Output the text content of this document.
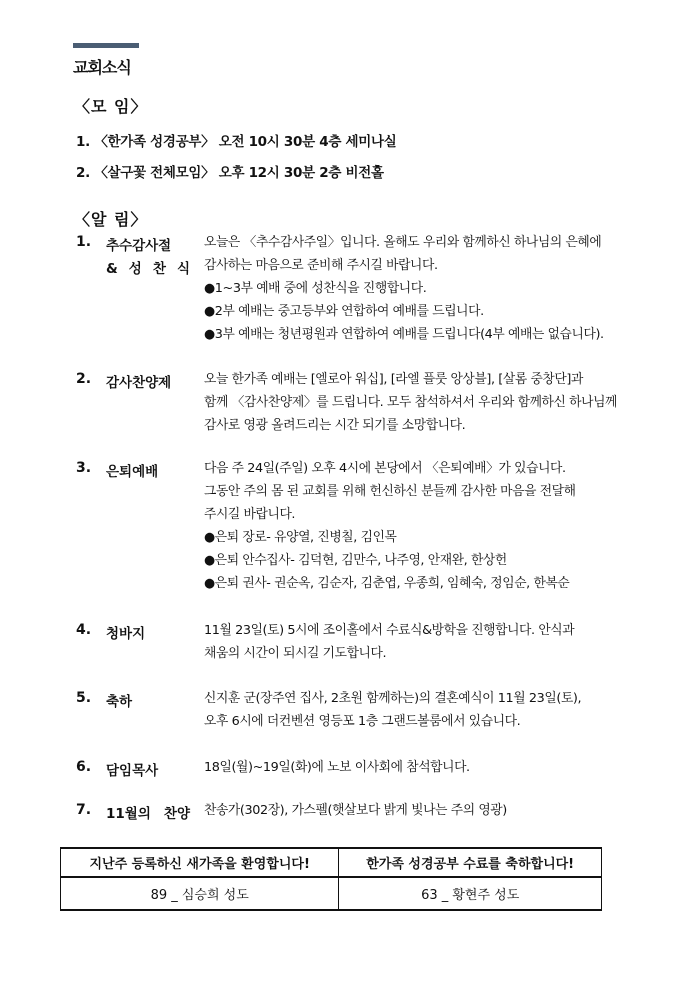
교회소식
〈모 임〉
1. 〈한가족 성경공부〉 오전 10시 30분 4층 세미나실
2. 〈살구꽃 전체모임〉 오후 12시 30분 2층 비전홀
〈알 림〉
1. 추수감사절
& 성 찬 식
오늘은 〈추수감사주일〉입니다. 올해도 우리와 함께하신 하나님의 은혜에
감사하는 마음으로 준비해 주시길 바랍니다.
●1~3부 예배 중에 성찬식을 진행합니다.
●2부 예배는 중고등부와 연합하여 예배를 드립니다.
●3부 예배는 청년평원과 연합하여 예배를 드립니다(4부 예배는 없습니다).
2. 감사찬양제	오늘 한가족 예배는 [엘로아 워십], [라엘 플룻 앙상블], [살롬 중창단]과
함께 〈감사찬양제〉를 드립니다. 모두 참석하셔서 우리와 함께하신 하나님께
감사로 영광 올려드리는 시간 되기를 소망합니다.
3. 은퇴예배	다음 주 24일(주일) 오후 4시에 본당에서 〈은퇴예배〉가 있습니다.
그동안 주의 몸 된 교회를 위해 헌신하신 분들께 감사한 마음을 전달해
주시길 바랍니다.
●은퇴 장로- 유양열, 진병칠, 김인목
●은퇴 안수집사- 김덕현, 김만수, 나주영, 안재완, 한상헌
●은퇴 권사- 권순옥, 김순자, 김춘엽, 우종희, 임혜숙, 정임순, 한복순
4. 청바지	11월 23일(토) 5시에 조이홀에서 수료식&방학을 진행합니다. 안식과
채움의 시간이 되시길 기도합니다.
5. 축하	신지훈 군(장주연 집사, 2초원 함께하는)의 결혼예식이 11월 23일(토),
오후 6시에 더컨벤션 영등포 1층 그랜드볼룸에서 있습니다.
6. 담임목사	18일(월)~19일(화)에 노보 이사회에 참석합니다.
7. 11월의 찬양 찬송가(302장), 가스펠(햇살보다 밝게 빛나는 주의 영광)
지난주 등록하신 새가족을 환영합니다!	한가족 성경공부 수료를 축하합니다!
89 _ 심승희 성도	63 _ 황현주 성도
